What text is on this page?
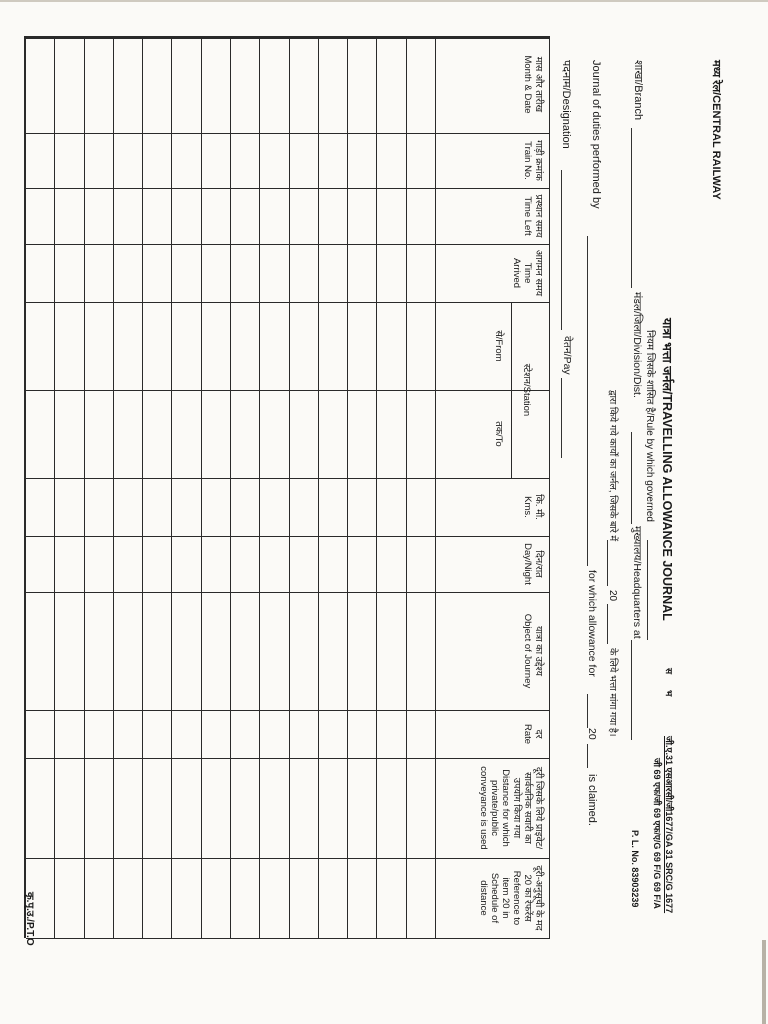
मध्य रेल/CENTRAL RAILWAY
यात्रा भत्ता जर्नल/TRAVELLING ALLOWANCE JOURNAL
नियम जिसके शासित है/Rule by which governed
जी.ए.31 एसआरसी/जी1677/GA 31 SRC/G 1677
जी 69 एफ/जी 69 एफ/ए/G 69 F/G 69 F/A
P. L. No. 83903239
स
भ
शाखा/Branch
मंडल/जिला/Division/Dist.
मुख्यालय/Headquarters at
द्वारा किये गये कार्यों का जर्नल, जिसके बारे में
20
के लिये भत्ता मांगा गया है।
Journal of duties performed by
for which allowance for
20
is claimed.
पदनाम/Designation
वेतन/Pay
स्टेशन/Station
मास और तारीख
Month & Date
गाड़ी क्रमांक
Train No.
प्रस्थान समय
Time Left
आगमन समय
Time Arrived
से/From
तक/To
कि. मी.
Kms.
दिन/रात
Day/Night
यात्रा का उद्देश्य
Object of Journey
दर
Rate
दूरी जिसके लिये प्राइवेट/सार्वजनिक सवारी का उपयोग किया गया
Distance for which private/public conveyance is used
दूरी-अनुसूची के मद 20 का रेफरेंस
Reference to item 20 in Schedule of distance
कृ.पृ.उ./P.T.O
